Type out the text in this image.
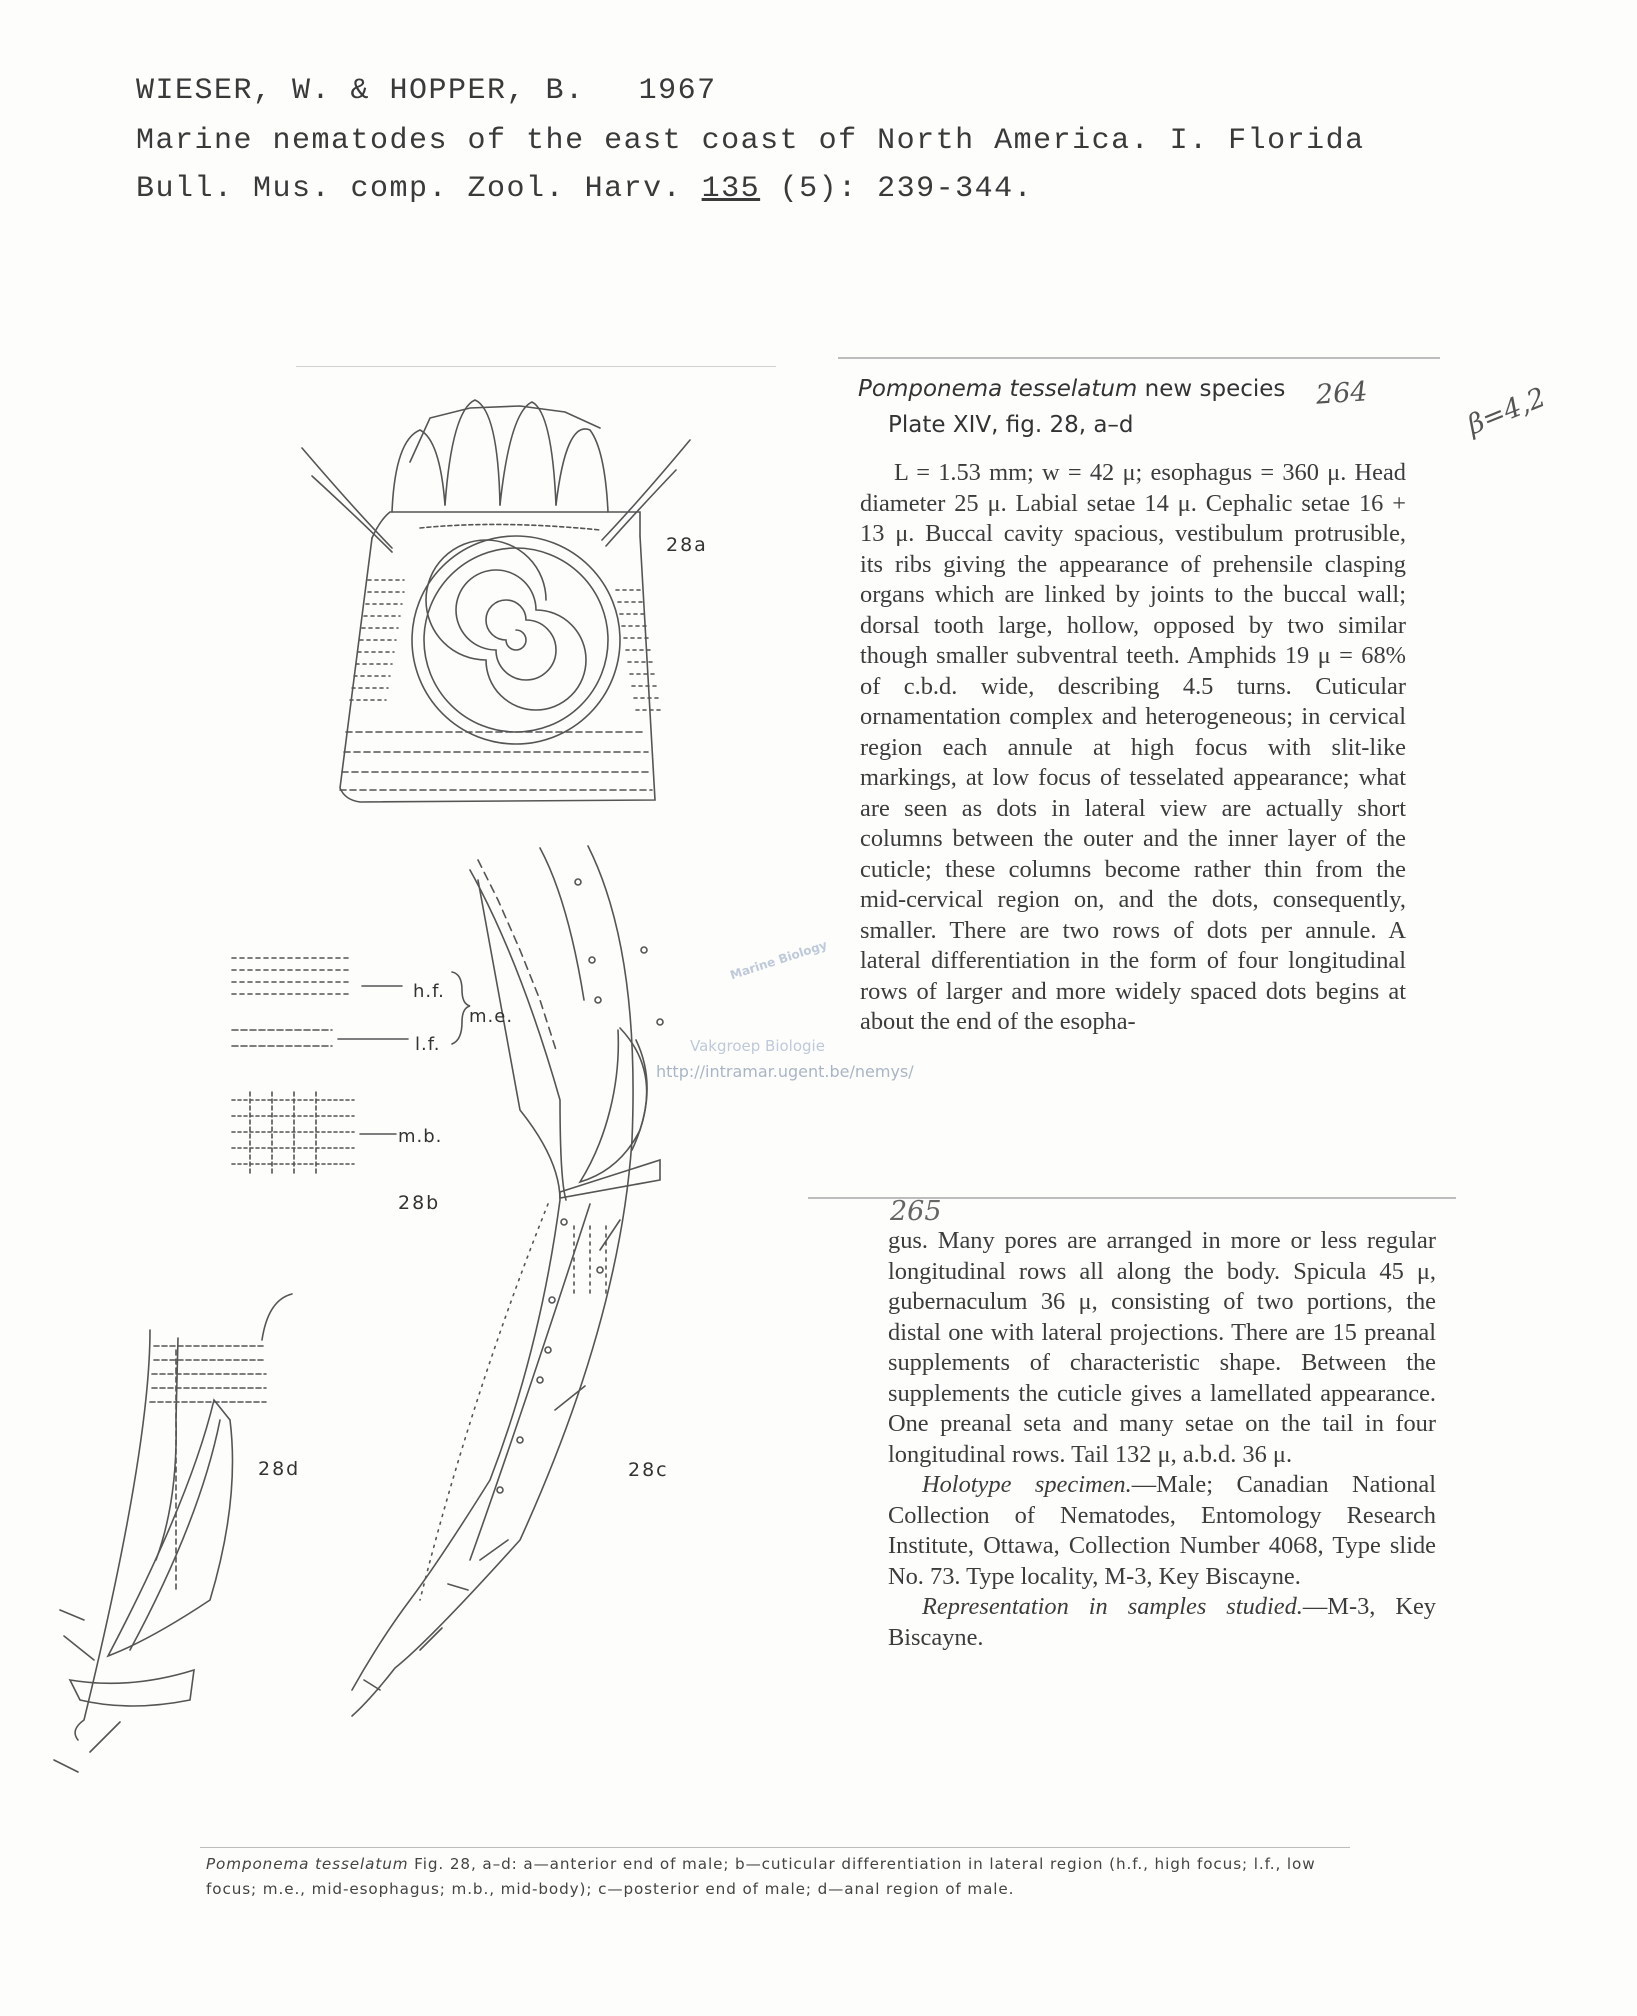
WIESER, W. & HOPPER, B. 1967
Marine nematodes of the east coast of North America. I. Florida
Bull. Mus. comp. Zool. Harv. 135 (5): 239-344.
Pomponema tesselatum new species
Plate XIV, fig. 28, a–d
264	β=4,2
265

L = 1.53 mm; w = 42 μ; esophagus = 360 μ. Head diameter 25 μ. Labial setae 14 μ. Cephalic setae 16 + 13 μ. Buccal cavity spacious, vestibulum protrusible, its ribs giving the appearance of prehensile clasping organs which are linked by joints to the buccal wall; dorsal tooth large, hollow, opposed by two similar though smaller subventral teeth. Amphids 19 μ = 68% of c.b.d. wide, describing 4.5 turns. Cuticular ornamentation complex and heterogeneous; in cervical region each annule at high focus with slit-like markings, at low focus of tesselated appearance; what are seen as dots in lateral view are actually short columns between the outer and the inner layer of the cuticle; these columns become rather thin from the mid-cervical region on, and the dots, consequently, smaller. There are two rows of dots per annule. A lateral differentiation in the form of four longitudinal rows of larger and more widely spaced dots begins at about the end of the esopha-

gus. Many pores are arranged in more or less regular longitudinal rows all along the body. Spicula 45 μ, gubernaculum 36 μ, consisting of two portions, the distal one with lateral projections. There are 15 preanal supplements of characteristic shape. Between the supplements the cuticle gives a lamellated appearance. One preanal seta and many setae on the tail in four longitudinal rows. Tail 132 μ, a.b.d. 36 μ.

Holotype specimen.—Male; Canadian National Collection of Nematodes, Entomology Research Institute, Ottawa, Collection Number 4068, Type slide No. 73. Type locality, M-3, Key Biscayne.

Representation in samples studied.—M-3, Key Biscayne.

28a
28b
28c
28d
h.f.
l.f.
m.e.
m.b.
Marine Biology
Vakgroep Biologie
http://intramar.ugent.be/nemys/

Pomponema tesselatum Fig. 28, a–d: a—anterior end of male; b—cuticular differentiation in lateral region (h.f., high focus; l.f., low focus; m.e., mid-esophagus; m.b., mid-body); c—posterior end of male; d—anal region of male.
